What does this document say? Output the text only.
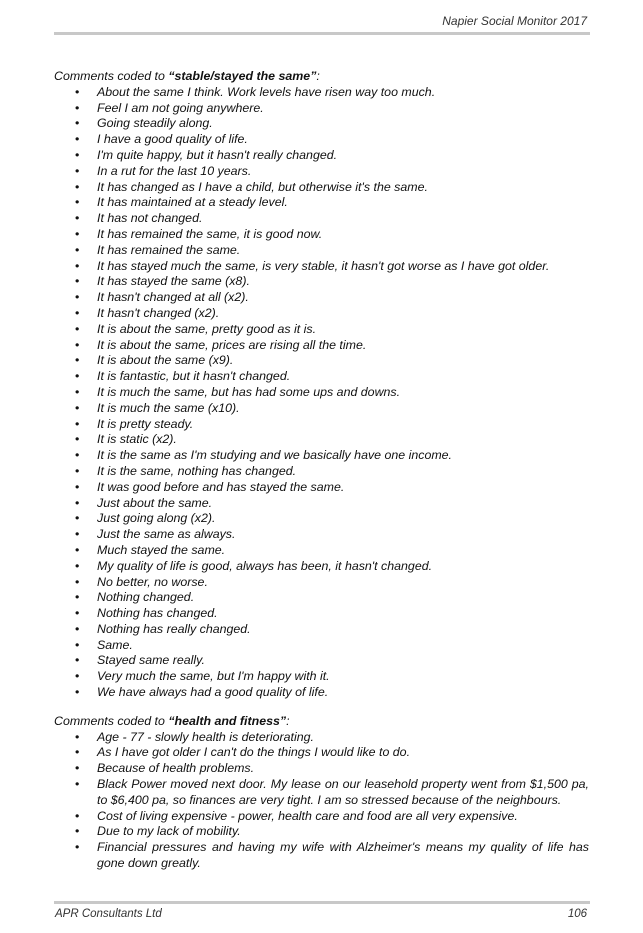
Napier Social Monitor 2017

Comments coded to “stable/stayed the same”:

• About the same I think. Work levels have risen way too much.
• Feel I am not going anywhere.
• Going steadily along.
• I have a good quality of life.
• I'm quite happy, but it hasn't really changed.
• In a rut for the last 10 years.
• It has changed as I have a child, but otherwise it's the same.
• It has maintained at a steady level.
• It has not changed.
• It has remained the same, it is good now.
• It has remained the same.
• It has stayed much the same, is very stable, it hasn't got worse as I have got older.
• It has stayed the same (x8).
• It hasn't changed at all (x2).
• It hasn't changed (x2).
• It is about the same, pretty good as it is.
• It is about the same, prices are rising all the time.
• It is about the same (x9).
• It is fantastic, but it hasn't changed.
• It is much the same, but has had some ups and downs.
• It is much the same (x10).
• It is pretty steady.
• It is static (x2).
• It is the same as I'm studying and we basically have one income.
• It is the same, nothing has changed.
• It was good before and has stayed the same.
• Just about the same.
• Just going along (x2).
• Just the same as always.
• Much stayed the same.
• My quality of life is good, always has been, it hasn't changed.
• No better, no worse.
• Nothing changed.
• Nothing has changed.
• Nothing has really changed.
• Same.
• Stayed same really.
• Very much the same, but I'm happy with it.
• We have always had a good quality of life.

Comments coded to “health and fitness”:

• Age - 77 - slowly health is deteriorating.
• As I have got older I can't do the things I would like to do.
• Because of health problems.
• Black Power moved next door. My lease on our leasehold property went from $1,500 pa, to $6,400 pa, so finances are very tight. I am so stressed because of the neighbours.
• Cost of living expensive - power, health care and food are all very expensive.
• Due to my lack of mobility.
• Financial pressures and having my wife with Alzheimer's means my quality of life has gone down greatly.
APR Consultants Ltd	106
